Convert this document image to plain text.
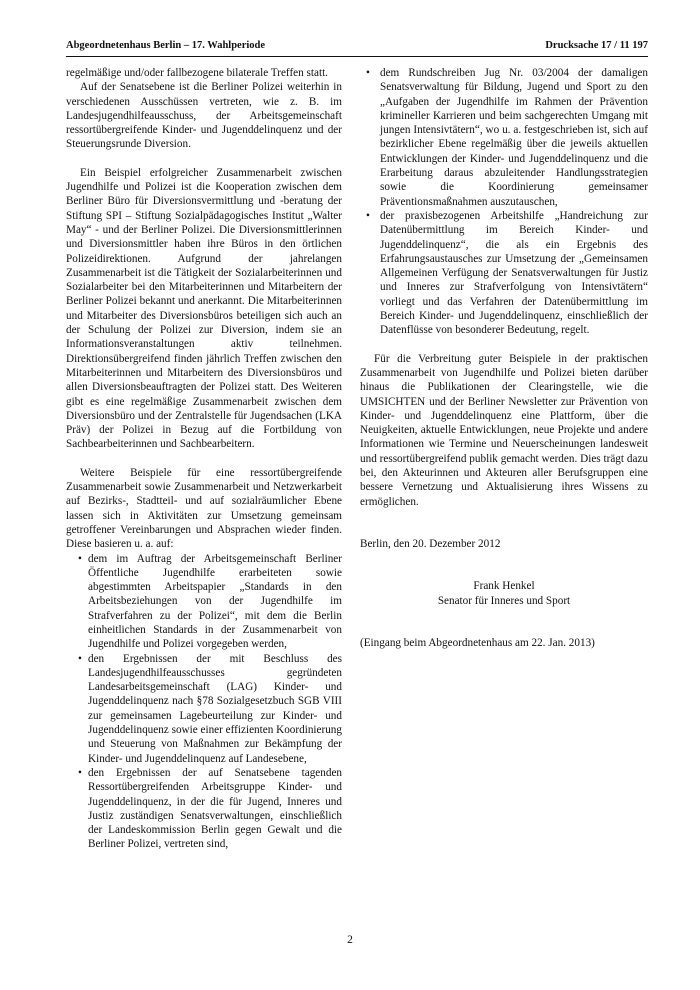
Abgeordnetenhaus Berlin – 17. Wahlperiode	Drucksache 17 / 11 197

regelmäßige und/oder fallbezogene bilaterale Treffen statt.

Auf der Senatsebene ist die Berliner Polizei weiterhin in verschiedenen Ausschüssen vertreten, wie z. B. im Landesjugendhilfeausschuss, der Arbeitsgemeinschaft ressortübergreifende Kinder- und Jugenddelinquenz und der Steuerungsrunde Diversion.

Ein Beispiel erfolgreicher Zusammenarbeit zwischen Jugendhilfe und Polizei ist die Kooperation zwischen dem Berliner Büro für Diversionsvermittlung und -beratung der Stiftung SPI – Stiftung Sozialpädagogisches Institut „Walter May“ - und der Berliner Polizei. Die Diversionsmittlerinnen und Diversionsmittler haben ihre Büros in den örtlichen Polizeidirektionen. Aufgrund der jahrelangen Zusammenarbeit ist die Tätigkeit der Sozialarbeiterinnen und Sozialarbeiter bei den Mitarbeiterinnen und Mitarbeitern der Berliner Polizei bekannt und anerkannt. Die Mitarbeiterinnen und Mitarbeiter des Diversionsbüros beteiligen sich auch an der Schulung der Polizei zur Diversion, indem sie an Informationsveranstaltungen aktiv teilnehmen. Direktionsübergreifend finden jährlich Treffen zwischen den Mitarbeiterinnen und Mitarbeitern des Diversionsbüros und allen Diversionsbeauftragten der Polizei statt. Des Weiteren gibt es eine regelmäßige Zusammenarbeit zwischen dem Diversionsbüro und der Zentralstelle für Jugendsachen (LKA Präv) der Polizei in Bezug auf die Fortbildung von Sachbearbeiterinnen und Sachbearbeitern.

Weitere Beispiele für eine ressortübergreifende Zusammenarbeit sowie Zusammenarbeit und Netzwerkarbeit auf Bezirks-, Stadtteil- und auf sozialräumlicher Ebene lassen sich in Aktivitäten zur Umsetzung gemeinsam getroffener Vereinbarungen und Absprachen wieder finden. Diese basieren u. a. auf:

• dem im Auftrag der Arbeitsgemeinschaft Berliner Öffentliche Jugendhilfe erarbeiteten sowie abgestimmten Arbeitspapier „Standards in den Arbeitsbeziehungen von der Jugendhilfe im Strafverfahren zu der Polizei“, mit dem die Berlin einheitlichen Standards in der Zusammenarbeit von Jugendhilfe und Polizei vorgegeben werden,
• den Ergebnissen der mit Beschluss des Landesjugendhilfeausschusses gegründeten Landesarbeitsgemeinschaft (LAG) Kinder- und Jugenddelinquenz nach §78 Sozialgesetzbuch SGB VIII zur gemeinsamen Lagebeurteilung zur Kinder- und Jugenddelinquenz sowie einer effizienten Koordinierung und Steuerung von Maßnahmen zur Bekämpfung der Kinder- und Jugenddelinquenz auf Landesebene,
• den Ergebnissen der auf Senatsebene tagenden Ressortübergreifenden Arbeitsgruppe Kinder- und Jugenddelinquenz, in der die für Jugend, Inneres und Justiz zuständigen Senatsverwaltungen, einschließlich der Landeskommission Berlin gegen Gewalt und die Berliner Polizei, vertreten sind,
• dem Rundschreiben Jug Nr. 03/2004 der damaligen Senatsverwaltung für Bildung, Jugend und Sport zu den „Aufgaben der Jugendhilfe im Rahmen der Prävention krimineller Karrieren und beim sachgerechten Umgang mit jungen Intensivtätern“, wo u. a. festgeschrieben ist, sich auf bezirklicher Ebene regelmäßig über die jeweils aktuellen Entwicklungen der Kinder- und Jugenddelinquenz und die Erarbeitung daraus abzuleitender Handlungsstrategien sowie die Koordinierung gemeinsamer Präventionsmaßnahmen auszutauschen,
• der praxisbezogenen Arbeitshilfe „Handreichung zur Datenübermittlung im Bereich Kinder- und Jugenddelinquenz“, die als ein Ergebnis des Erfahrungsaustausches zur Umsetzung der „Gemeinsamen Allgemeinen Verfügung der Senatsverwaltungen für Justiz und Inneres zur Strafverfolgung von Intensivtätern“ vorliegt und das Verfahren der Datenübermittlung im Bereich Kinder- und Jugenddelinquenz, einschließlich der Datenflüsse von besonderer Bedeutung, regelt.

Für die Verbreitung guter Beispiele in der praktischen Zusammenarbeit von Jugendhilfe und Polizei bieten darüber hinaus die Publikationen der Clearingstelle, wie die UMSICHTEN und der Berliner Newsletter zur Prävention von Kinder- und Jugenddelinquenz eine Plattform, über die Neuigkeiten, aktuelle Entwicklungen, neue Projekte und andere Informationen wie Termine und Neuerscheinungen landesweit und ressortübergreifend publik gemacht werden. Dies trägt dazu bei, den Akteurinnen und Akteuren aller Berufsgruppen eine bessere Vernetzung und Aktualisierung ihres Wissens zu ermöglichen.

Berlin, den 20. Dezember 2012

Frank Henkel

Senator für Inneres und Sport

(Eingang beim Abgeordnetenhaus am 22. Jan. 2013)

2
